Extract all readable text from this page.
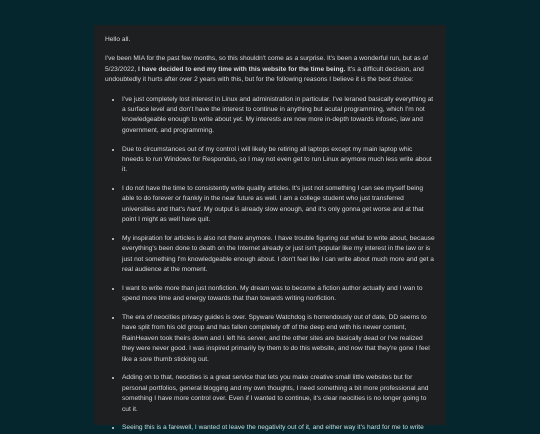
Hello all.

I've been MIA for the past few months, so this shouldn't come as a surprise. It's been a wonderful run, but as of 5/23/2022, I have decided to end my time with this website for the time being. It's a difficult decision, and undoubtedly it hurts after over 2 years with this, but for the following reasons I believe it is the best choice:

• I've just completely lost interest in Linux and administration in particular. I've leraned basically everything at a surface level and don't have the interest to continue in anything but acutal programming, which I'm not knowledgeable enough to write about yet. My interests are now more in-depth towards infosec, law and government, and programming.
• Due to circumstances out of my control i will likely be retiring all laptops except my main laptop whic hneeds to run Windows for Respondus, so I may not even get to run Linux anymore much less write about it.
• I do not have the time to consistently write quality articles. It's just not something I can see myself being able to do forever or frankly in the near future as well. I am a college student who just transferred universities and that's hard. My output is already slow enough, and it's only gonna get worse and at that point I might as well have quit.
• My inspiration for articles is also not there anymore. I have trouble figuring out what to write about, because everything's been done to death on the Internet already or just isn't popular like my interest in the law or is just not something I'm knowledgeable enough about. I don't feel like I can write about much more and get a real audience at the moment.
• I want to write more than just nonfiction. My dream was to become a fiction author actually and I wan to spend more time and energy towards that than towards writing nonfiction.
• The era of neocities privacy guides is over. Spyware Watchdog is horrendously out of date, DD seems to have split from his old group and has fallen completely off of the deep end with his newer content, RainHeaven took theirs down and I left his server, and the other sites are basically dead or I've realized they were never good. I was inspired primarily by them to do this website, and now that they're gone I feel like a sore thumb sticking out.
• Adding on to that, neocities is a great service that lets you make creative small little websites but for personal portfolios, general blogging and my own thoughts, I need something a bit more professional and something I have more control over. Even if I wanted to continue, it's clear neocities is no longer going to cut it.
• Seeing this is a farewell, I wanted ot leave the negativity out of it, and either way it's hard for me to write
